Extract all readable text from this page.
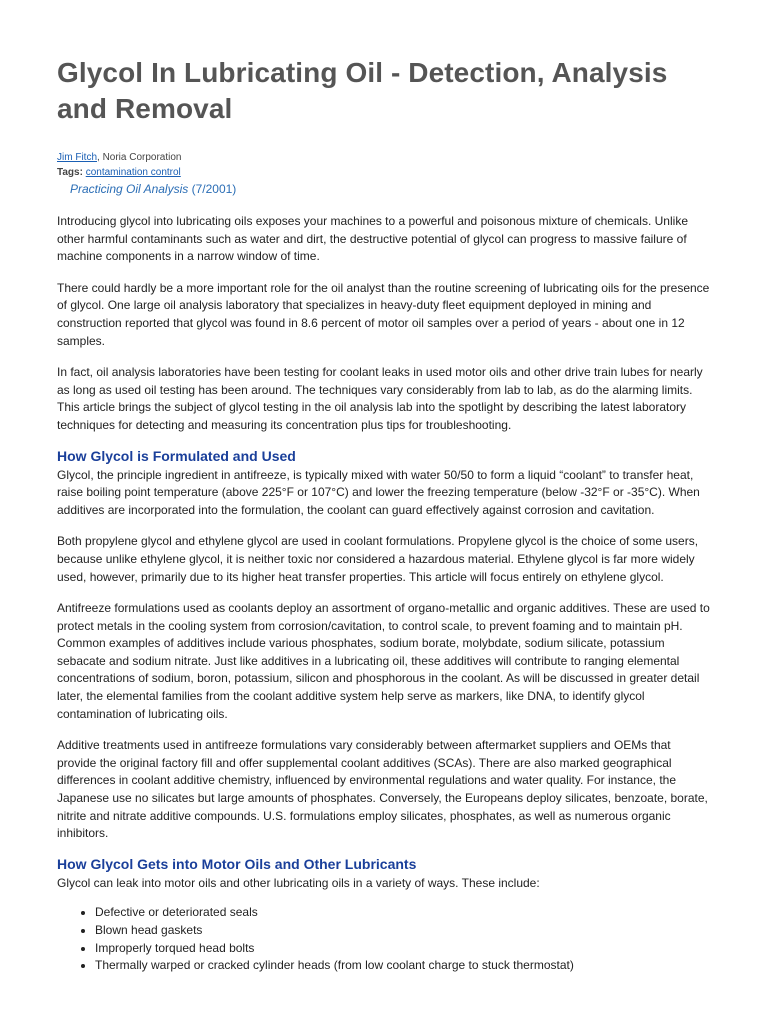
Glycol In Lubricating Oil - Detection, Analysis and Removal
Jim Fitch, Noria Corporation
Tags: contamination control
Practicing Oil Analysis (7/2001)

Introducing glycol into lubricating oils exposes your machines to a powerful and poisonous mixture of chemicals. Unlike other harmful contaminants such as water and dirt, the destructive potential of glycol can progress to massive failure of machine components in a narrow window of time.

There could hardly be a more important role for the oil analyst than the routine screening of lubricating oils for the presence of glycol. One large oil analysis laboratory that specializes in heavy-duty fleet equipment deployed in mining and construction reported that glycol was found in 8.6 percent of motor oil samples over a period of years - about one in 12 samples.

In fact, oil analysis laboratories have been testing for coolant leaks in used motor oils and other drive train lubes for nearly as long as used oil testing has been around. The techniques vary considerably from lab to lab, as do the alarming limits. This article brings the subject of glycol testing in the oil analysis lab into the spotlight by describing the latest laboratory techniques for detecting and measuring its concentration plus tips for troubleshooting.

How Glycol is Formulated and Used

Glycol, the principle ingredient in antifreeze, is typically mixed with water 50/50 to form a liquid “coolant” to transfer heat, raise boiling point temperature (above 225°F or 107°C) and lower the freezing temperature (below -32°F or -35°C). When additives are incorporated into the formulation, the coolant can guard effectively against corrosion and cavitation.

Both propylene glycol and ethylene glycol are used in coolant formulations. Propylene glycol is the choice of some users, because unlike ethylene glycol, it is neither toxic nor considered a hazardous material. Ethylene glycol is far more widely used, however, primarily due to its higher heat transfer properties. This article will focus entirely on ethylene glycol.

Antifreeze formulations used as coolants deploy an assortment of organo-metallic and organic additives. These are used to protect metals in the cooling system from corrosion/cavitation, to control scale, to prevent foaming and to maintain pH. Common examples of additives include various phosphates, sodium borate, molybdate, sodium silicate, potassium sebacate and sodium nitrate. Just like additives in a lubricating oil, these additives will contribute to ranging elemental concentrations of sodium, boron, potassium, silicon and phosphorous in the coolant. As will be discussed in greater detail later, the elemental families from the coolant additive system help serve as markers, like DNA, to identify glycol contamination of lubricating oils.

Additive treatments used in antifreeze formulations vary considerably between aftermarket suppliers and OEMs that provide the original factory fill and offer supplemental coolant additives (SCAs). There are also marked geographical differences in coolant additive chemistry, influenced by environmental regulations and water quality. For instance, the Japanese use no silicates but large amounts of phosphates. Conversely, the Europeans deploy silicates, benzoate, borate, nitrite and nitrate additive compounds. U.S. formulations employ silicates, phosphates, as well as numerous organic inhibitors.

How Glycol Gets into Motor Oils and Other Lubricants

Glycol can leak into motor oils and other lubricating oils in a variety of ways. These include:

• Defective or deteriorated seals
• Blown head gaskets
• Improperly torqued head bolts
• Thermally warped or cracked cylinder heads (from low coolant charge to stuck thermostat)
